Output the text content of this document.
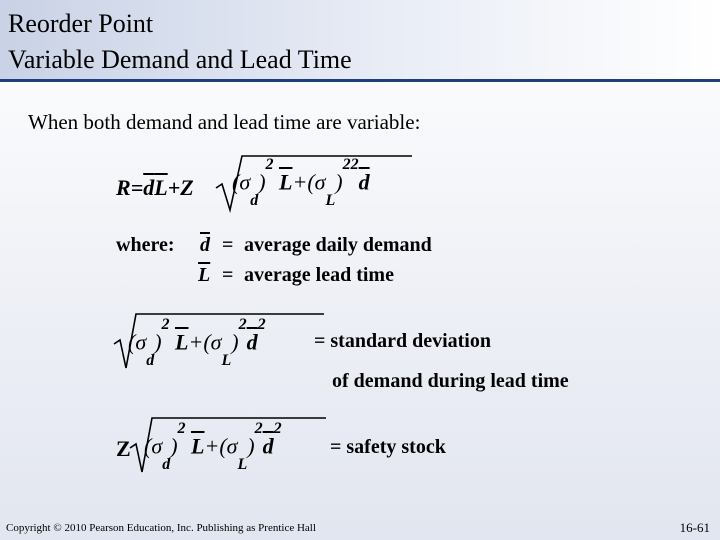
Reorder Point
Variable Demand and Lead Time
When both demand and lead time are variable:
$R=\overline{d}\overline{L}+Z$ $(\sigma_d)^2$ $\overline{L}+(\sigma_L)^{22}\overline{d}$
where: $\overline{d}$ = average daily demand
$\overline{L}$ = average lead time
$(\sigma_d)^2$ $\overline{L}+(\sigma_L)^2\overline{d}^2$
= standard deviation
of demand during lead time
Z $(\sigma_d)^2$ $\overline{L}+(\sigma_L)^2\overline{d}^2$
= safety stock
Copyright © 2010 Pearson Education, Inc. Publishing as Prentice Hall	16-61
